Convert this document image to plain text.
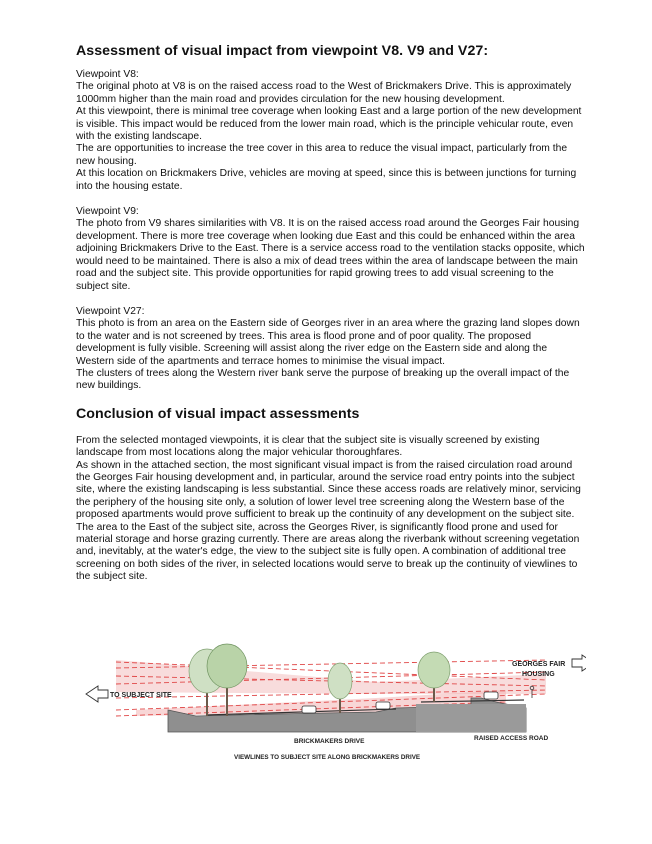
Assessment of visual impact from viewpoint V8. V9 and V27:
Viewpoint V8:

The original photo at V8 is on the raised access road to the West of Brickmakers Drive. This is approximately 1000mm higher than the main road and provides circulation for the new housing development.

At this viewpoint, there is minimal tree coverage when looking East and a large portion of the new development is visible. This impact would be reduced from the lower main road, which is the principle vehicular route, even with the existing landscape.

The are opportunities to increase the tree cover in this area to reduce the visual impact, particularly from the new housing.

At this location on Brickmakers Drive, vehicles are moving at speed, since this is between junctions for turning into the housing estate.

Viewpoint V9:

The photo from V9 shares similarities with V8. It is on the raised access road around the Georges Fair housing development. There is more tree coverage when looking due East and this could be enhanced within the area adjoining Brickmakers Drive to the East. There is a service access road to the ventilation stacks opposite, which would need to be maintained. There is also a mix of dead trees within the area of landscape between the main road and the subject site. This provide opportunities for rapid growing trees to add visual screening to the subject site.

Viewpoint V27:

This photo is from an area on the Eastern side of Georges river in an area where the grazing land slopes down to the water and is not screened by trees. This area is flood prone and of poor quality. The proposed development is fully visible. Screening will assist along the river edge on the Eastern side and along the Western side of the apartments and terrace homes to minimise the visual impact.

The clusters of trees along the Western river bank serve the purpose of breaking up the overall impact of the new buildings.

Conclusion of visual impact assessments

From the selected montaged viewpoints, it is clear that the subject site is visually screened by existing landscape from most locations along the major vehicular thoroughfares.

As shown in the attached section, the most significant visual impact is from the raised circulation road around the Georges Fair housing development and, in particular, around the service road entry points into the subject site, where the existing landscaping is less substantial. Since these access roads are relatively minor, servicing the periphery of the housing site only, a solution of lower level tree screening along the Western base of the proposed apartments would prove sufficient to break up the continuity of any development on the subject site.

The area to the East of the subject site, across the Georges River, is significantly flood prone and used for material storage and horse grazing currently. There are areas along the riverbank without screening vegetation and, inevitably, at the water's edge, the view to the subject site is fully open. A combination of additional tree screening on both sides of the river, in selected locations would serve to break up the continuity of viewlines to the subject site.

TO SUBJECT SITE
GEORGES FAIR
HOUSING
BRICKMAKERS DRIVE	RAISED ACCESS ROAD
VIEWLINES TO SUBJECT SITE ALONG BRICKMAKERS DRIVE
